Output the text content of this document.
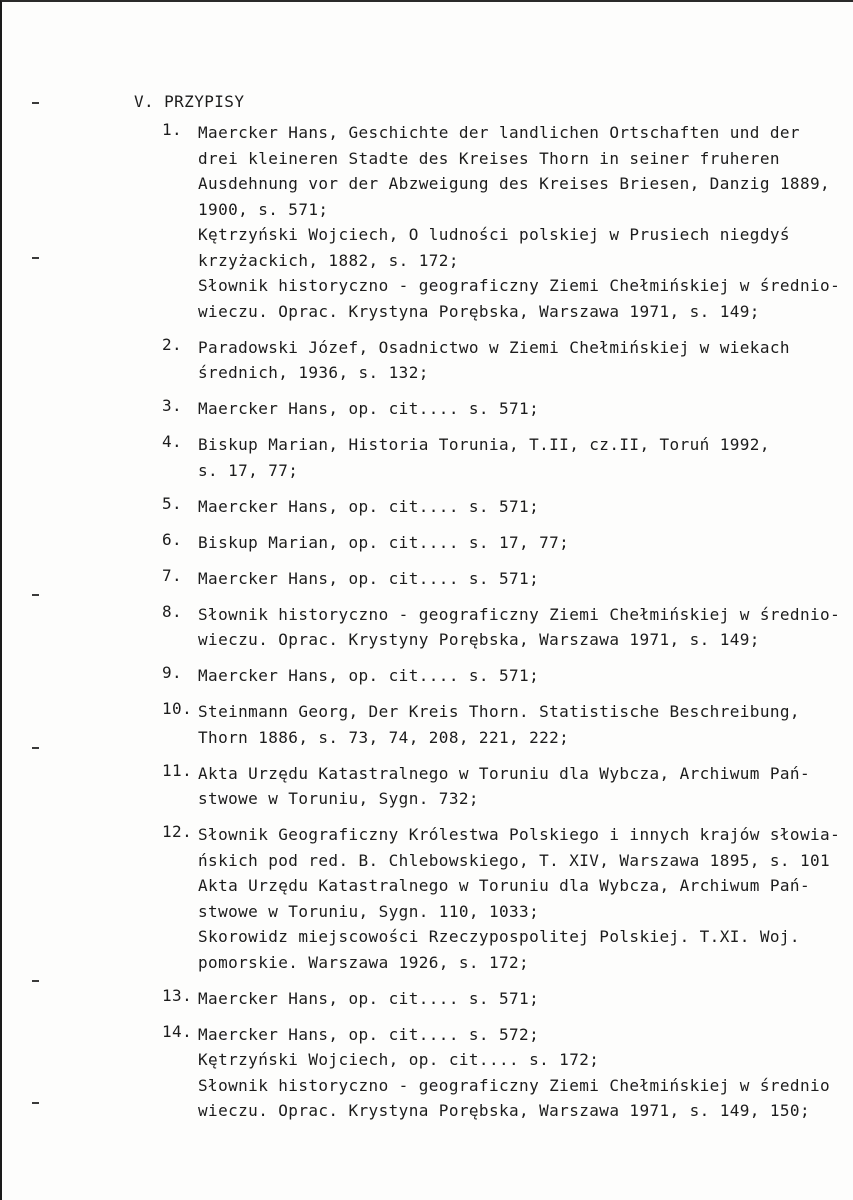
V. PRZYPISY
1. Maercker Hans, Geschichte der landlichen Ortschaften und der
drei kleineren Stadte des Kreises Thorn in seiner fruheren
Ausdehnung vor der Abzweigung des Kreises Briesen, Danzig 1889,
1900, s. 571;
Kętrzyński Wojciech, O ludności polskiej w Prusiech niegdyś
krzyżackich, 1882, s. 172;
Słownik historyczno - geograficzny Ziemi Chełmińskiej w średnio-
wieczu. Oprac. Krystyna Porębska, Warszawa 1971, s. 149;
2. Paradowski Józef, Osadnictwo w Ziemi Chełmińskiej w wiekach
średnich, 1936, s. 132;
3. Maercker Hans, op. cit.... s. 571;
4. Biskup Marian, Historia Torunia, T.II, cz.II, Toruń 1992,
s. 17, 77;
5. Maercker Hans, op. cit.... s. 571;
6. Biskup Marian, op. cit.... s. 17, 77;
7. Maercker Hans, op. cit.... s. 571;
8. Słownik historyczno - geograficzny Ziemi Chełmińskiej w średnio-
wieczu. Oprac. Krystyny Porębska, Warszawa 1971, s. 149;
9. Maercker Hans, op. cit.... s. 571;
10. Steinmann Georg, Der Kreis Thorn. Statistische Beschreibung,
Thorn 1886, s. 73, 74, 208, 221, 222;
11. Akta Urzędu Katastralnego w Toruniu dla Wybcza, Archiwum Pań-
stwowe w Toruniu, Sygn. 732;
12. Słownik Geograficzny Królestwa Polskiego i innych krajów słowia-
ńskich pod red. B. Chlebowskiego, T. XIV, Warszawa 1895, s. 101
Akta Urzędu Katastralnego w Toruniu dla Wybcza, Archiwum Pań-
stwowe w Toruniu, Sygn. 110, 1033;
Skorowidz miejscowości Rzeczypospolitej Polskiej. T.XI. Woj.
pomorskie. Warszawa 1926, s. 172;
13. Maercker Hans, op. cit.... s. 571;
14. Maercker Hans, op. cit.... s. 572;
Kętrzyński Wojciech, op. cit.... s. 172;
Słownik historyczno - geograficzny Ziemi Chełmińskiej w średnio
wieczu. Oprac. Krystyna Porębska, Warszawa 1971, s. 149, 150;
